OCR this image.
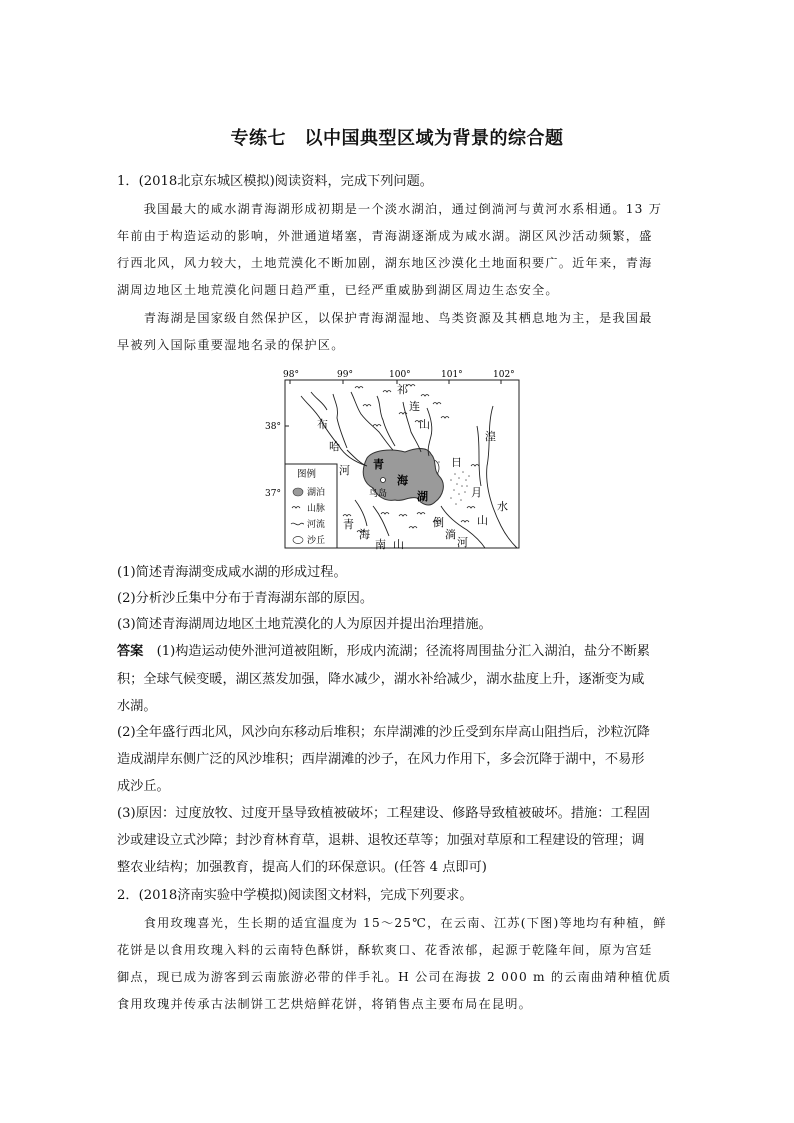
专练七　以中国典型区域为背景的综合题
1．(2018北京东城区模拟)阅读资料，完成下列问题。
　　我国最大的咸水湖青海湖形成初期是一个淡水湖泊，通过倒淌河与黄河水系相通。13 万
年前由于构造运动的影响，外泄通道堵塞，青海湖逐渐成为咸水湖。湖区风沙活动频繁，盛
行西北风，风力较大，土地荒漠化不断加剧，湖东地区沙漠化土地面积要广。近年来，青海
湖周边地区土地荒漠化问题日趋严重，已经严重威胁到湖区周边生态安全。
　　青海湖是国家级自然保护区，以保护青海湖湿地、鸟类资源及其栖息地为主，是我国最
早被列入国际重要湿地名录的保护区。
98°	99°	100°	101°	102°
38°
37°
祁
连
山
布
哈
河 青
海
湖
鸟岛
青
海
南 山
倒
淌
河
日
月
山
湟
水
图例
湖泊
山脉
河流
沙丘
(1)简述青海湖变成咸水湖的形成过程。
(2)分析沙丘集中分布于青海湖东部的原因。
(3)简述青海湖周边地区土地荒漠化的人为原因并提出治理措施。
答案　 (1)构造运动使外泄河道被阻断，形成内流湖；径流将周围盐分汇入湖泊，盐分不断累
积；全球气候变暖，湖区蒸发加强，降水减少，湖水补给减少，湖水盐度上升，逐渐变为咸
水湖。
(2)全年盛行西北风，风沙向东移动后堆积；东岸湖滩的沙丘受到东岸高山阻挡后，沙粒沉降
造成湖岸东侧广泛的风沙堆积；西岸湖滩的沙子，在风力作用下，多会沉降于湖中，不易形
成沙丘。
(3)原因：过度放牧、过度开垦导致植被破坏；工程建设、修路导致植被破坏。措施：工程固
沙或建设立式沙障；封沙育林育草，退耕、退牧还草等；加强对草原和工程建设的管理；调
整农业结构；加强教育，提高人们的环保意识。(任答 4 点即可)
2．(2018济南实验中学模拟)阅读图文材料，完成下列要求。
　　食用玫瑰喜光，生长期的适宜温度为 15～25℃，在云南、江苏(下图)等地均有种植，鲜
花饼是以食用玫瑰入料的云南特色酥饼，酥软爽口、花香浓郁，起源于乾隆年间，原为宫廷
御点，现已成为游客到云南旅游必带的伴手礼。H 公司在海拔 2 000 m 的云南曲靖种植优质
食用玫瑰并传承古法制饼工艺烘焙鲜花饼，将销售点主要布局在昆明。
